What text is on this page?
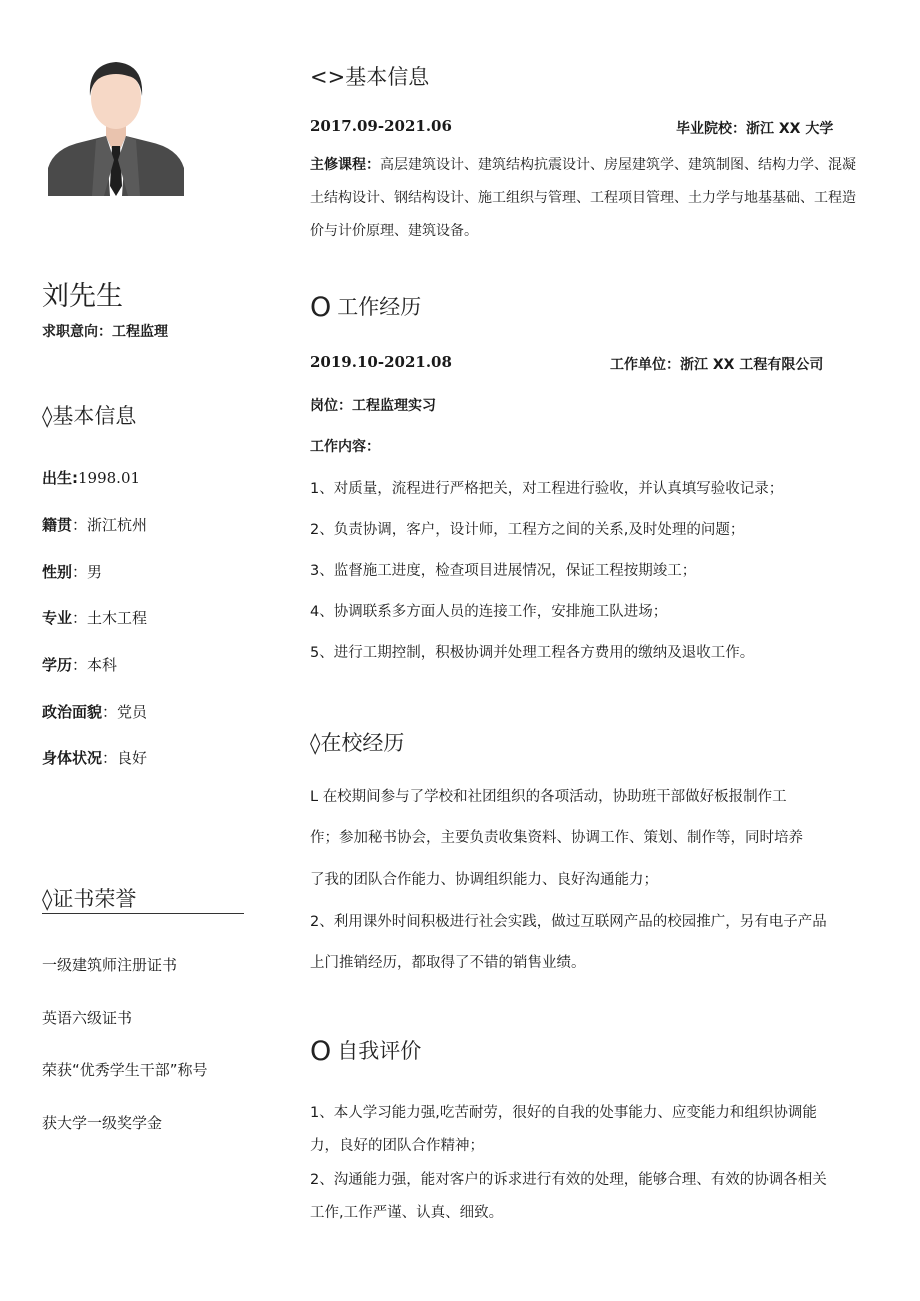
刘先生
求职意向：工程监理
◊基本信息
出生:1998.01
籍贯：浙江杭州
性别：男
专业：土木工程
学历：本科
政治面貌：党员
身体状况：良好
◊证书荣誉
一级建筑师注册证书
英语六级证书
荣获“优秀学生干部”称号
获大学一级奖学金
<>基本信息
2017.09-2021.06	毕业院校：浙江 XX 大学
主修课程：高层建筑设计、建筑结构抗震设计、房屋建筑学、建筑制图、结构力学、混凝土结构设计、钢结构设计、施工组织与管理、工程项目管理、土力学与地基基础、工程造价与计价原理、建筑设备。
O 工作经历
2019.10-2021.08	工作单位：浙江 XX 工程有限公司
岗位：工程监理实习
工作内容：
1、对质量，流程进行严格把关，对工程进行验收，并认真填写验收记录；
2、负责协调，客户，设计师，工程方之间的关系,及时处理的问题；
3、监督施工进度，检查项目进展情况，保证工程按期竣工；
4、协调联系多方面人员的连接工作，安排施工队进场；
5、进行工期控制，积极协调并处理工程各方费用的缴纳及退收工作。
◊在校经历
L 在校期间参与了学校和社团组织的各项活动，协助班干部做好板报制作工
作；参加秘书协会，主要负责收集资料、协调工作、策划、制作等，同时培养
了我的团队合作能力、协调组织能力、良好沟通能力；
2、利用课外时间积极进行社会实践，做过互联网产品的校园推广，另有电子产品
上门推销经历，都取得了不错的销售业绩。
O 自我评价
1、本人学习能力强,吃苦耐劳，很好的自我的处事能力、应变能力和组织协调能
力，良好的团队合作精神；
2、沟通能力强，能对客户的诉求进行有效的处理，能够合理、有效的协调各相关
工作,工作严谨、认真、细致。
